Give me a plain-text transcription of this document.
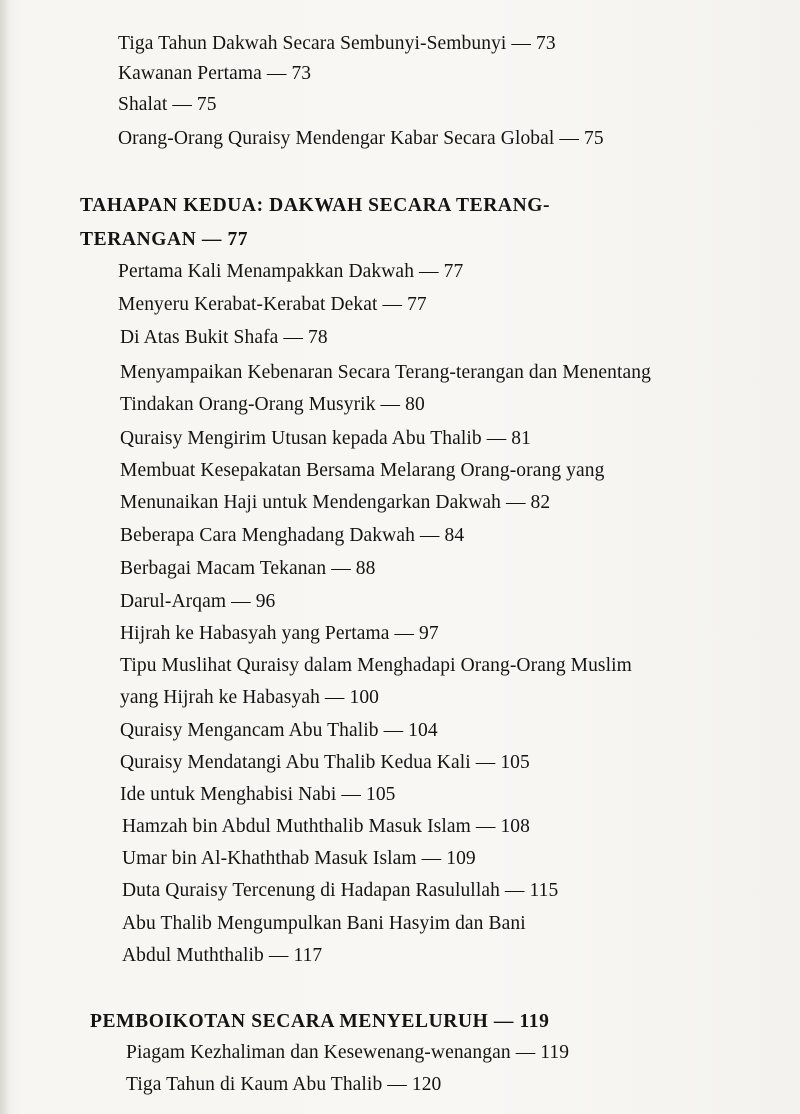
Tiga Tahun Dakwah Secara Sembunyi-Sembunyi — 73
Kawanan Pertama — 73
Shalat — 75
Orang-Orang Quraisy Mendengar Kabar Secara Global — 75
TAHAPAN KEDUA: DAKWAH SECARA TERANG-
TERANGAN — 77
Pertama Kali Menampakkan Dakwah — 77
Menyeru Kerabat-Kerabat Dekat — 77
Di Atas Bukit Shafa — 78
Menyampaikan Kebenaran Secara Terang-terangan dan Menentang
Tindakan Orang-Orang Musyrik — 80
Quraisy Mengirim Utusan kepada Abu Thalib — 81
Membuat Kesepakatan Bersama Melarang Orang-orang yang
Menunaikan Haji untuk Mendengarkan Dakwah — 82
Beberapa Cara Menghadang Dakwah — 84
Berbagai Macam Tekanan — 88
Darul-Arqam — 96
Hijrah ke Habasyah yang Pertama — 97
Tipu Muslihat Quraisy dalam Menghadapi Orang-Orang Muslim
yang Hijrah ke Habasyah — 100
Quraisy Mengancam Abu Thalib — 104
Quraisy Mendatangi Abu Thalib Kedua Kali — 105
Ide untuk Menghabisi Nabi — 105
Hamzah bin Abdul Muththalib Masuk Islam — 108
Umar bin Al-Khaththab Masuk Islam — 109
Duta Quraisy Tercenung di Hadapan Rasulullah — 115
Abu Thalib Mengumpulkan Bani Hasyim dan Bani
Abdul Muththalib — 117
PEMBOIKOTAN SECARA MENYELURUH — 119
Piagam Kezhaliman dan Kesewenang-wenangan — 119
Tiga Tahun di Kaum Abu Thalib — 120
